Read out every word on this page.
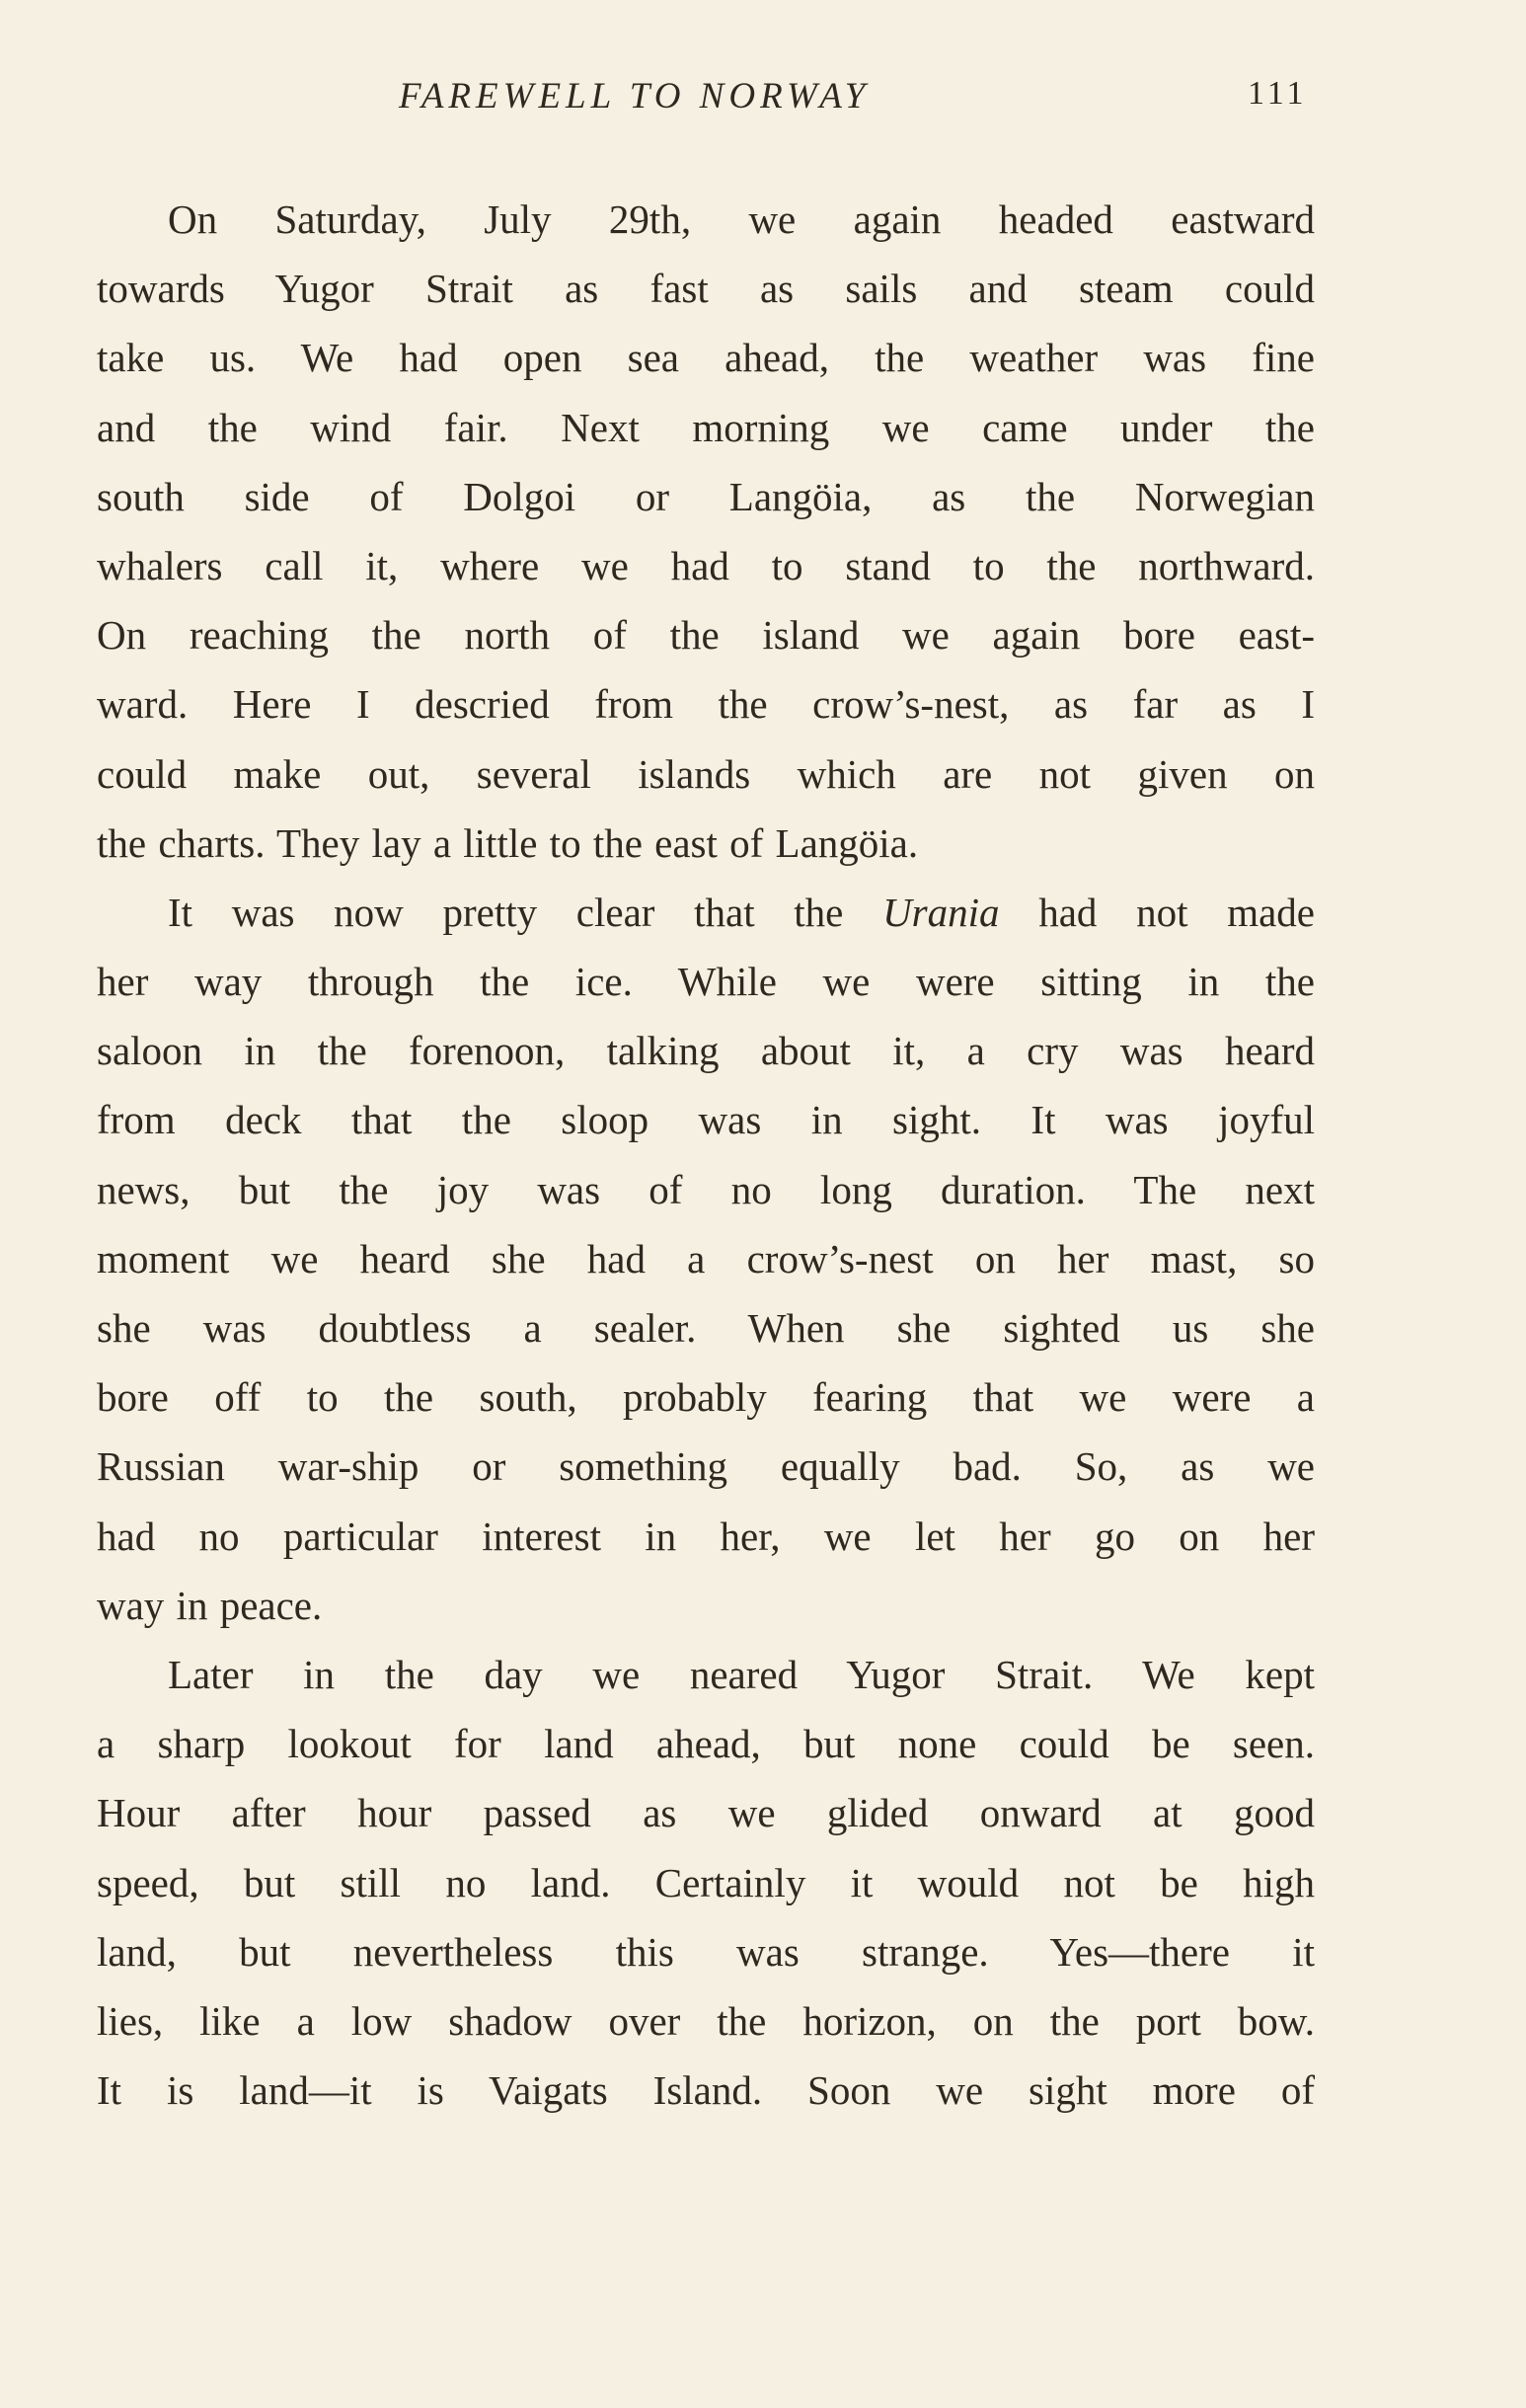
FAREWELL TO NORWAY	111
On Saturday, July 29th, we again headed eastward
towards Yugor Strait as fast as sails and steam could
take us. We had open sea ahead, the weather was fine
and the wind fair. Next morning we came under the
south side of Dolgoi or Langöia, as the Norwegian
whalers call it, where we had to stand to the northward.
On reaching the north of the island we again bore east-
ward. Here I descried from the crow’s-nest, as far as I
could make out, several islands which are not given on
the charts. They lay a little to the east of Langöia.
It was now pretty clear that the Urania had not made
her way through the ice. While we were sitting in the
saloon in the forenoon, talking about it, a cry was heard
from deck that the sloop was in sight. It was joyful
news, but the joy was of no long duration. The next
moment we heard she had a crow’s-nest on her mast, so
she was doubtless a sealer. When she sighted us she
bore off to the south, probably fearing that we were a
Russian war-ship or something equally bad. So, as we
had no particular interest in her, we let her go on her
way in peace.
Later in the day we neared Yugor Strait. We kept
a sharp lookout for land ahead, but none could be seen.
Hour after hour passed as we glided onward at good
speed, but still no land. Certainly it would not be high
land, but nevertheless this was strange. Yes—there it
lies, like a low shadow over the horizon, on the port bow.
It is land—it is Vaigats Island. Soon we sight more of
